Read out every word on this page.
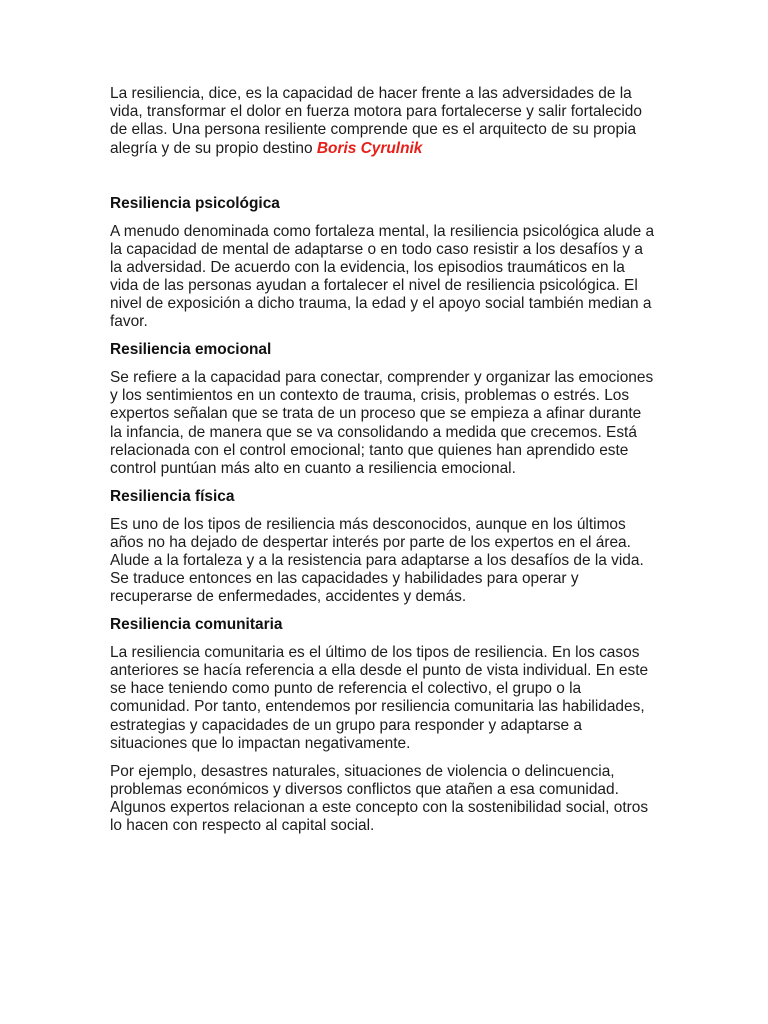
La resiliencia, dice, es la capacidad de hacer frente a las adversidades de la
vida, transformar el dolor en fuerza motora para fortalecerse y salir fortalecido
de ellas. Una persona resiliente comprende que es el arquitecto de su propia
alegría y de su propio destino Boris Cyrulnik
Resiliencia psicológica
A menudo denominada como fortaleza mental, la resiliencia psicológica alude a
la capacidad de mental de adaptarse o en todo caso resistir a los desafíos y a
la adversidad. De acuerdo con la evidencia, los episodios traumáticos en la
vida de las personas ayudan a fortalecer el nivel de resiliencia psicológica. El
nivel de exposición a dicho trauma, la edad y el apoyo social también median a
favor.
Resiliencia emocional
Se refiere a la capacidad para conectar, comprender y organizar las emociones
y los sentimientos en un contexto de trauma, crisis, problemas o estrés. Los
expertos señalan que se trata de un proceso que se empieza a afinar durante
la infancia, de manera que se va consolidando a medida que crecemos. Está
relacionada con el control emocional; tanto que quienes han aprendido este
control puntúan más alto en cuanto a resiliencia emocional.
Resiliencia física
Es uno de los tipos de resiliencia más desconocidos, aunque en los últimos
años no ha dejado de despertar interés por parte de los expertos en el área.
Alude a la fortaleza y a la resistencia para adaptarse a los desafíos de la vida.
Se traduce entonces en las capacidades y habilidades para operar y
recuperarse de enfermedades, accidentes y demás.
Resiliencia comunitaria
La resiliencia comunitaria es el último de los tipos de resiliencia. En los casos
anteriores se hacía referencia a ella desde el punto de vista individual. En este
se hace teniendo como punto de referencia el colectivo, el grupo o la
comunidad. Por tanto, entendemos por resiliencia comunitaria las habilidades,
estrategias y capacidades de un grupo para responder y adaptarse a
situaciones que lo impactan negativamente.
Por ejemplo, desastres naturales, situaciones de violencia o delincuencia,
problemas económicos y diversos conflictos que atañen a esa comunidad.
Algunos expertos relacionan a este concepto con la sostenibilidad social, otros
lo hacen con respecto al capital social.
